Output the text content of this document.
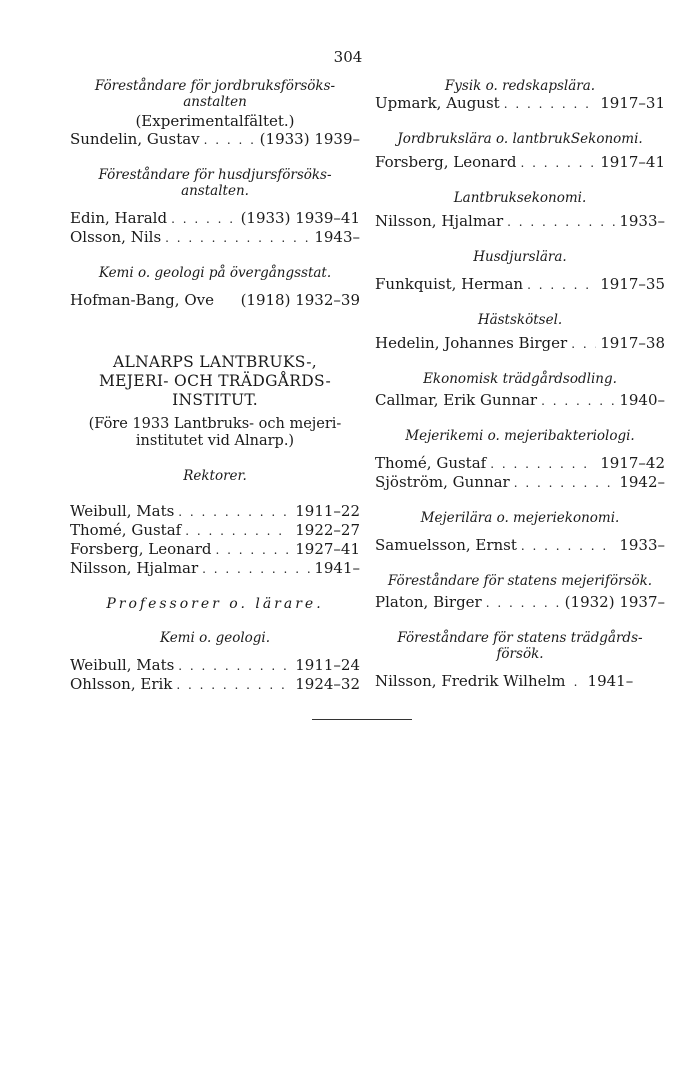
304

Föreståndare för jordbruksförsöks-

anstalten

(Experimentalfältet.)

Sundelin, Gustav . . .	(1933) 1939–

Föreståndare för husdjursförsöks-

anstalten.

Edin, Harald . . .	(1933) 1939–41
Olsson, Nils . . .	1943–

Kemi o. geologi på övergångsstat.

Hofman-Bang, Ove (1918) 1932–39

ALNARPS LANTBRUKS-,

MEJERI- OCH TRÄDGÅRDS-

INSTITUT.

(Före 1933 Lantbruks- och mejeri-

institutet vid Alnarp.)

Rektorer.

Weibull, Mats . . .	1911–22
Thomé, Gustaf . . .	1922–27
Forsberg, Leonard . . .	1927–41
Nilsson, Hjalmar . . .	1941–

Professorer o. lärare.

Kemi o. geologi.

Weibull, Mats . . .	1911–24
Ohlsson, Erik . . .	1924–32

Fysik o. redskapslära.

Upmark, August . . .	1917–31

Jordbrukslära o. lantbrukSekonomi.

Forsberg, Leonard . . .	1917–41

Lantbruksekonomi.

Nilsson, Hjalmar . . .	1933–

Husdjurslära.

Funkquist, Herman . . .	1917–35

Hästskötsel.

Hedelin, Johannes Birger . . . 1917–38

Ekonomisk trädgårdsodling.

Callmar, Erik Gunnar . . .	1940–

Mejerikemi o. mejeribakteriologi.

Thomé, Gustaf . . .	1917–42
Sjöström, Gunnar . . .	1942–

Mejerilära o. mejeriekonomi.

Samuelsson, Ernst . . .	1933–

Föreståndare för statens mejeriförsök.

Platon, Birger . . .	(1932) 1937–

Föreståndare för statens trädgårds-

försök.

Nilsson, Fredrik Wilhelm . 1941–
